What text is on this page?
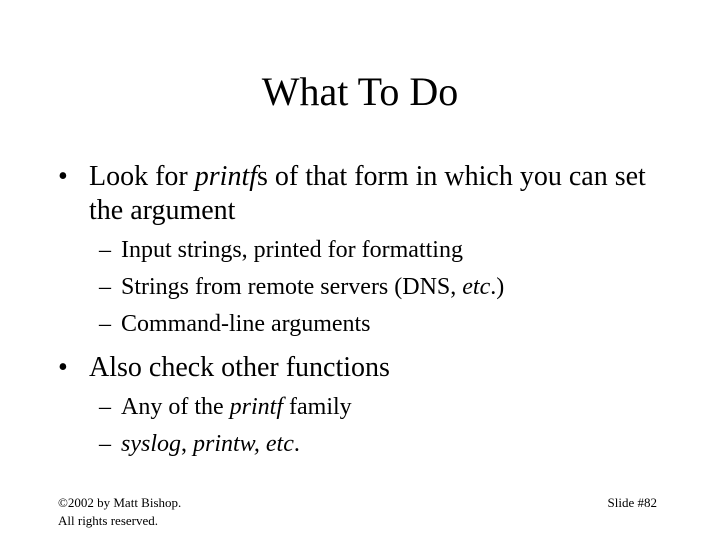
What To Do
• Look for printfs of that form in which you can set the argument
– Input strings, printed for formatting
– Strings from remote servers (DNS, etc.)
– Command-line arguments
• Also check other functions
– Any of the printf family
– syslog, printw, etc.
©2002 by Matt Bishop.
All rights reserved.
Slide #82
